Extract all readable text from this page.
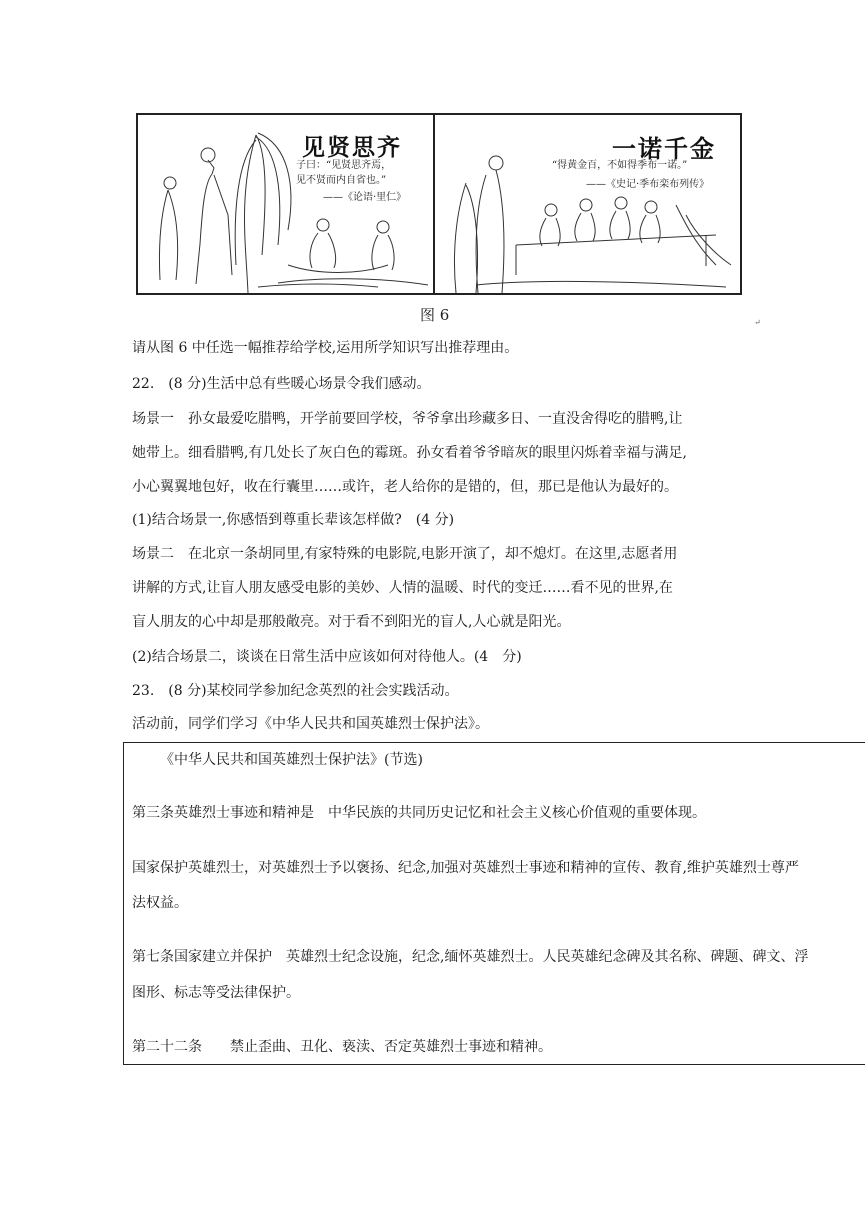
见贤思齐
子曰：“见贤思齐焉，
见不贤而内自省也。”
——《论语·里仁》
一诺千金
“得黄金百，不如得季布一诺。”
——《史记·季布栾布列传》
图 6	↵
请从图 6 中任选一幅推荐给学校,运用所学知识写出推荐理由。
22.　(8 分)生活中总有些暖心场景令我们感动。
场景一　孙女最爱吃腊鸭，开学前要回学校，爷爷拿出珍藏多日、一直没舍得吃的腊鸭,让
她带上。细看腊鸭,有几处长了灰白色的霉斑。孙女看着爷爷暗灰的眼里闪烁着幸福与满足,
小心翼翼地包好，收在行囊里……或许，老人给你的是错的，但，那已是他认为最好的。
(1)结合场景一,你感悟到尊重长辈该怎样做?　(4 分)
场景二　在北京一条胡同里,有家特殊的电影院,电影开演了，却不熄灯。在这里,志愿者用
讲解的方式,让盲人朋友感受电影的美妙、人情的温暖、时代的变迁……看不见的世界,在
盲人朋友的心中却是那般敞亮。对于看不到阳光的盲人,人心就是阳光。
(2)结合场景二，谈谈在日常生活中应该如何对待他人。(4　分)
23.　(8 分)某校同学参加纪念英烈的社会实践活动。
活动前，同学们学习《中华人民共和国英雄烈士保护法》。
《中华人民共和国英雄烈士保护法》(节选)
第三条英雄烈士事迹和精神是　中华民族的共同历史记忆和社会主义核心价值观的重要体现。
国家保护英雄烈士，对英雄烈士予以褒扬、纪念,加强对英雄烈士事迹和精神的宣传、教育,维护英雄烈士尊严
法权益。
第七条国家建立并保护　英雄烈士纪念设施，纪念,缅怀英雄烈士。人民英雄纪念碑及其名称、碑题、碑文、浮
图形、标志等受法律保护。
第二十二条　　禁止歪曲、丑化、亵渎、否定英雄烈士事迹和精神。
